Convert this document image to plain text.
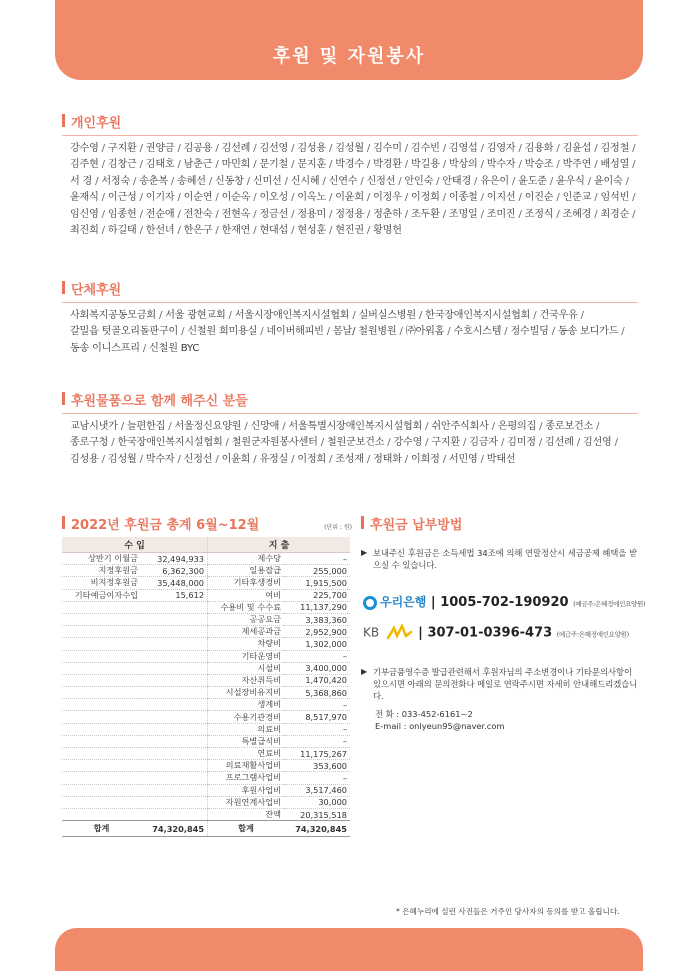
후원 및 자원봉사
개인후원
강수영 / 구지환 / 권양금 / 김공용 / 김선례 / 김선영 / 김성용 / 김성월 / 김수미 / 김수빈 / 김영섭 / 김영자 / 김용화 / 김윤섭 / 김정철 / 김주현 / 김창근 / 김태호 / 남춘근 / 마민희 / 문기철 / 문지훈 / 박경수 / 박경환 / 박길용 / 박상의 / 박수자 / 박승조 / 박주연 / 배성열 / 서 경 / 서정숙 / 송춘복 / 송혜선 / 신동창 / 신미선 / 신시혜 / 신연수 / 신정선 / 안인숙 / 안태경 / 유은이 / 윤도준 / 윤우식 / 윤이숙 / 윤재식 / 이근성 / 이기자 / 이순연 / 이순옥 / 이오성 / 이옥노 / 이윤희 / 이정우 / 이정희 / 이종철 / 이지선 / 이진순 / 인준교 / 임석빈 / 임신영 / 임종헌 / 전순애 / 전찬숙 / 전현옥 / 정금선 / 정용미 / 정정용 / 정춘하 / 조두환 / 조명일 / 조미진 / 조정식 / 조혜경 / 최경순 / 최진희 / 하길태 / 한선녀 / 한은구 / 한재연 / 현대섭 / 현성훈 / 현진권 / 황명헌
단체후원
사회복지공동모금회 / 서울 광현교회 / 서울시장애인복지시설협회 / 실버실스병원 / 한국장애인복지시설협회 / 건국우유 / 갈밀읍 텃골오리돌판구이 / 신철원 희미용실 / 네이버해피빈 / 몸날/ 철원병원 / ㈜아워홈 / 수호시스템 / 정수빌딩 / 동송 보디가드 / 동송 이니스프리 / 신철원 BYC
후원물품으로 함께 해주신 분들
교남시냇가 / 늘편한집 / 서울정신요양원 / 신망애 / 서울특별시장애인복지시설협회 / 쉬안주식회사 / 은평의집 / 종로보건소 / 종로구청 / 한국장애인복지시설협회 / 철원군자원봉사센터 / 철원군보건소 / 강수영 / 구지환 / 김금자 / 김미정 / 김선례 / 김선영 / 김성용 / 김성월 / 박수자 / 신정선 / 이윤희 / 유정실 / 이정희 / 조성재 / 정태화 / 이희정 / 서민영 / 박태선
2022년 후원금 총계 6월~12월	(단위 : 원)
수 입		지 출	
상반기 이월금	32,494,933	제수당	–
지정후원금	6,362,300	일용잡급	255,000
비지정후원금	35,448,000	기타후생경비	1,915,500
기타예금이자수입	15,612	여비	225,700
		수용비 및 수수료	11,137,290
		공공요금	3,383,360
		제세공과금	2,952,900
		차량비	1,302,000
		기타운영비	–
		시설비	3,400,000
		자산취득비	1,470,420
		시설장비유지비	5,368,860
		생계비	–
		수용기관경비	8,517,970
		의료비	–
		특별급식비	–
		연료비	11,175,267
		의료재활사업비	353,600
		프로그램사업비	–
		후원사업비	3,517,460
		자원연계사업비	30,000
		잔액	20,315,518
합계	74,320,845	합계	74,320,845
후원금 납부방법
▶ 보내주신 후원금은 소득세법 34조에 의해 연말정산시 세금공제 혜택을 받으실 수 있습니다.
우리은행 | 1005-702-190920 (예금주:은혜정애인요양원)
KB	| 307-01-0396-473 (예금주:은혜정애인요양원)
▶ 기부금품영수증 발급관련해서 후원자님의 주소변경이나 기타문의사항이 있으시면 아래의 문의전화나 메일로 연락주시면 자세히 안내해드리겠습니다.
전 화 : 033-452-6161~2
E-mail : onlyeun95@naver.com
* 은혜누리에 실린 사진들은 거주인 당사자의 동의를 받고 올립니다.
